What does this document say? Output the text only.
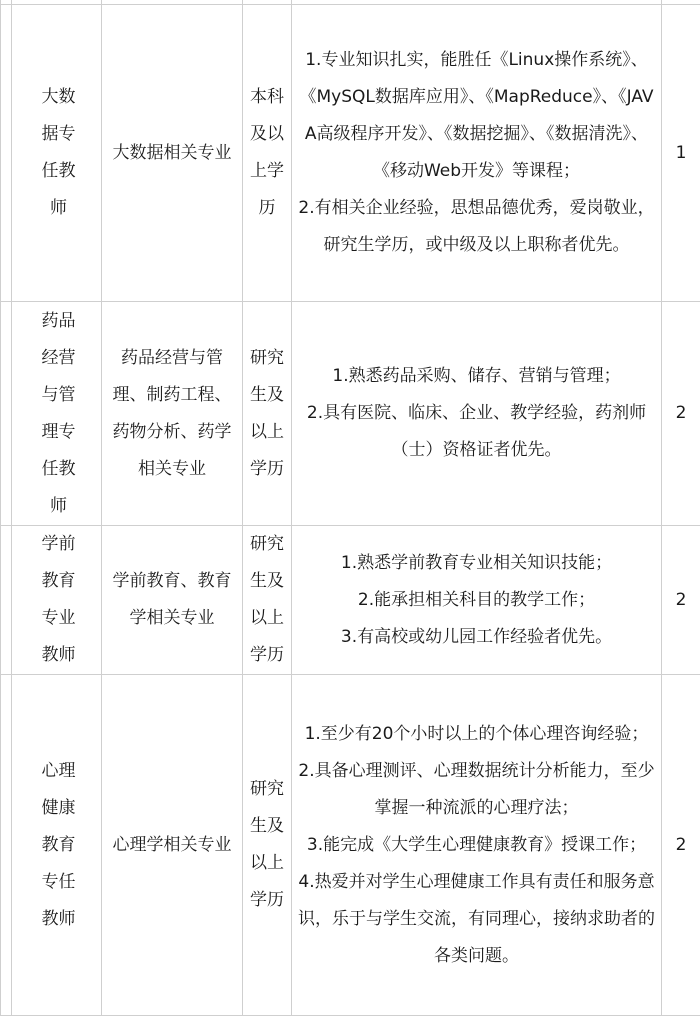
	大数据专任教师	大数据相关专业	本科及以上学历	1.专业知识扎实，能胜任《Linux操作系统》、《MySQL数据库应用》、《MapReduce》、《JAVA高级程序开发》、《数据挖掘》、《数据清洗》、《移动Web开发》等课程；
2.有相关企业经验，思想品德优秀，爱岗敬业，研究生学历，或中级及以上职称者优先。	1
	药品经营与管理专任教师	药品经营与管理、制药工程、药物分析、药学相关专业	研究生及以上学历	1.熟悉药品采购、储存、营销与管理；
2.具有医院、临床、企业、教学经验，药剂师（士）资格证者优先。	2
	学前教育专业教师	学前教育、教育学相关专业	研究生及以上学历	1.熟悉学前教育专业相关知识技能；
2.能承担相关科目的教学工作；
3.有高校或幼儿园工作经验者优先。	2
	心理健康教育专任教师	心理学相关专业	研究生及以上学历	1.至少有20个小时以上的个体心理咨询经验；
2.具备心理测评、心理数据统计分析能力，至少掌握一种流派的心理疗法；
3.能完成《大学生心理健康教育》授课工作；
4.热爱并对学生心理健康工作具有责任和服务意识，乐于与学生交流，有同理心，接纳求助者的各类问题。	2
